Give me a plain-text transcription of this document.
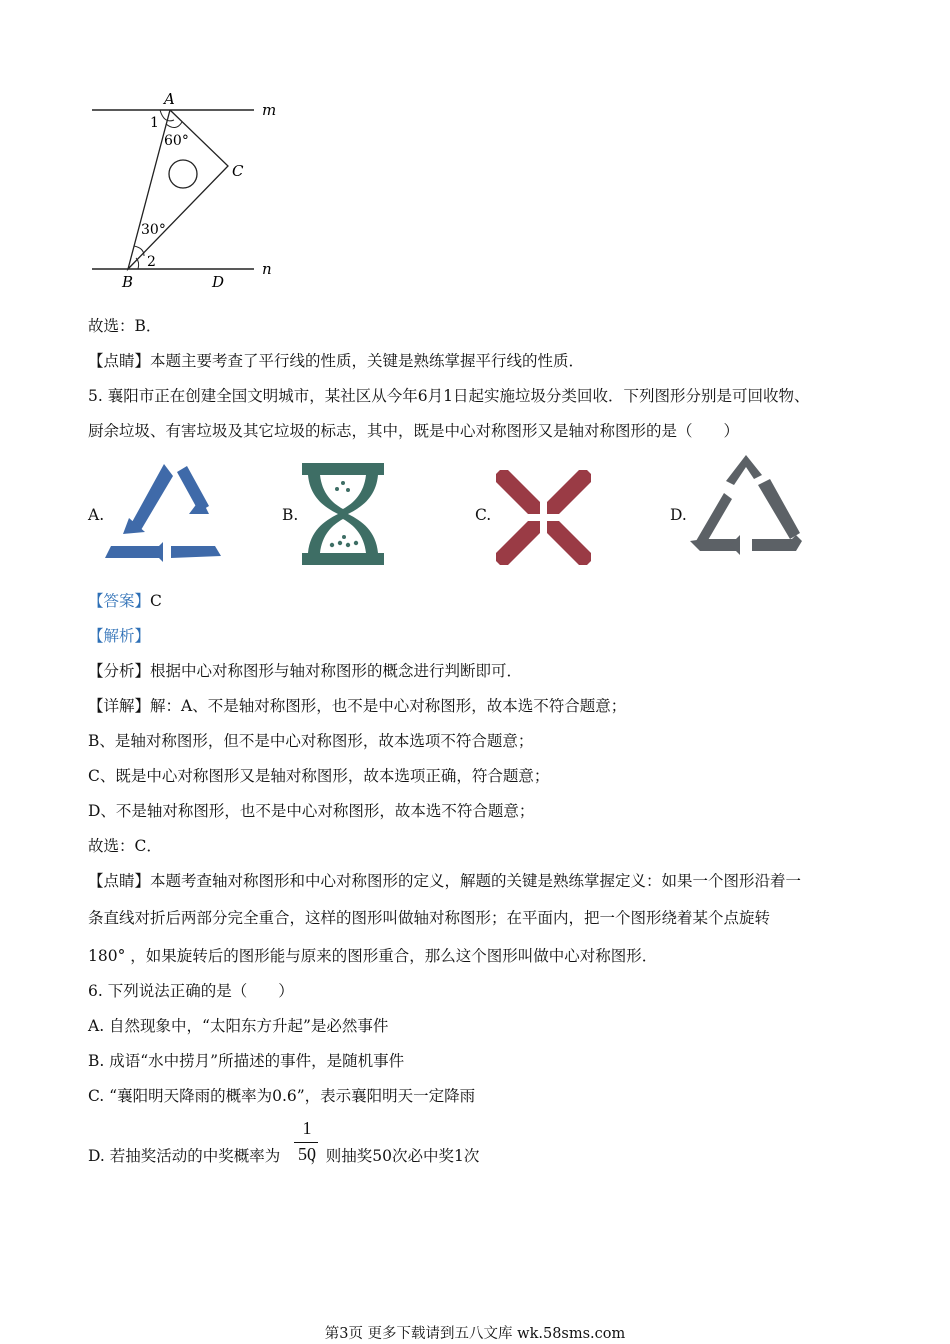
A
m
1
60°
C
30°
2	n
B	D
故选：B．
【点睛】本题主要考查了平行线的性质，关键是熟练掌握平行线的性质．
5. 襄阳市正在创建全国文明城市，某社区从今年6月1日起实施垃圾分类回收．下列图形分别是可回收物、
厨余垃圾、有害垃圾及其它垃圾的标志，其中，既是中心对称图形又是轴对称图形的是（　　）
A.	B.	C.	D.
【答案】C
【解析】
【分析】根据中心对称图形与轴对称图形的概念进行判断即可．
【详解】解：A、不是轴对称图形，也不是中心对称图形，故本选不符合题意；
B、是轴对称图形，但不是中心对称图形，故本选项不符合题意；
C、既是中心对称图形又是轴对称图形，故本选项正确，符合题意；
D、不是轴对称图形，也不是中心对称图形，故本选不符合题意；
故选：C．
【点睛】本题考查轴对称图形和中心对称图形的定义，解题的关键是熟练掌握定义：如果一个图形沿着一
条直线对折后两部分完全重合，这样的图形叫做轴对称图形；在平面内，把一个图形绕着某个点旋转
180° ，如果旋转后的图形能与原来的图形重合，那么这个图形叫做中心对称图形．
6. 下列说法正确的是（　　）
A. 自然现象中，“太阳东方升起”是必然事件
B. 成语“水中捞月”所描述的事件，是随机事件
C. “襄阳明天降雨的概率为0.6”，表示襄阳明天一定降雨
D. 若抽奖活动的中奖概率为 ，则抽奖50次必中奖1次
1
50
第3页 更多下载请到五八文库 wk.58sms.com
